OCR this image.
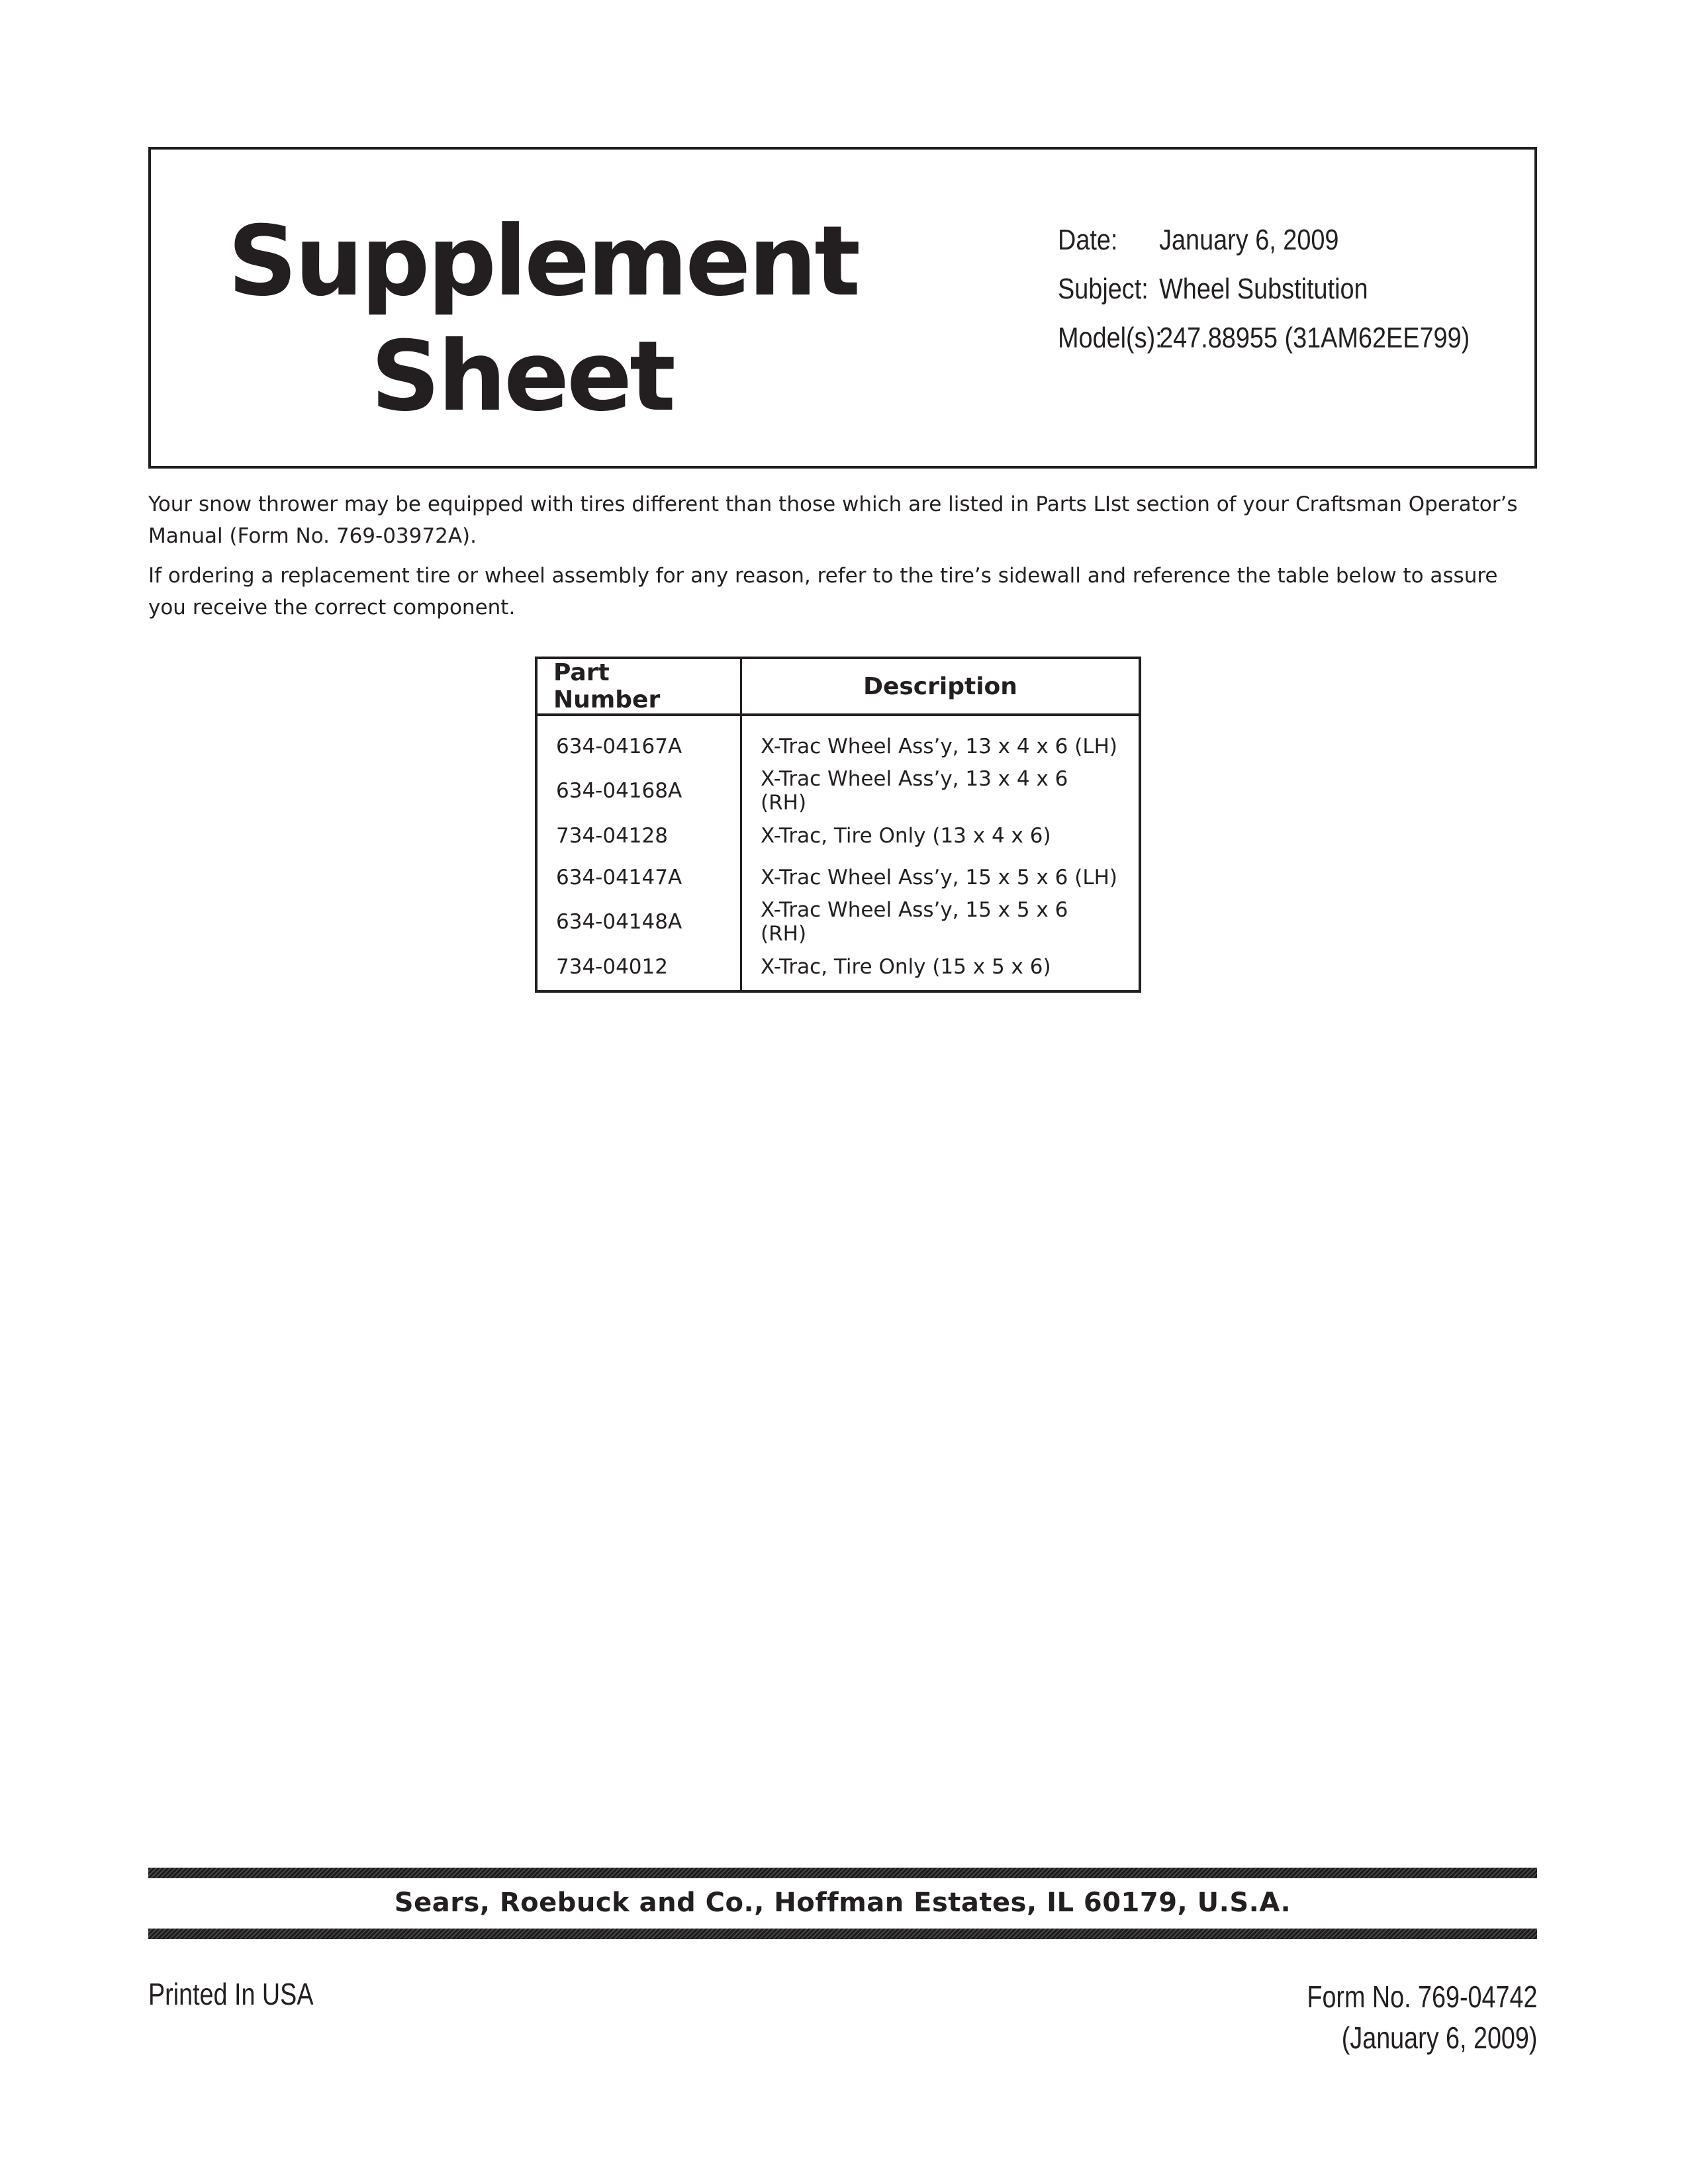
Supplement
Sheet
Date: January 6, 2009
Subject: Wheel Substitution
Model(s):247.88955 (31AM62EE799)

Your snow thrower may be equipped with tires different than those which are listed in Parts LIst section of your Craftsman Operator’s Manual (Form No. 769-03972A).

If ordering a replacement tire or wheel assembly for any reason, refer to the tire’s sidewall and reference the table below to assure you receive the correct component.

Part Number	Description
634-04167A	X-Trac Wheel Ass’y, 13 x 4 x 6 (LH)
634-04168A	X-Trac Wheel Ass’y, 13 x 4 x 6 (RH)
734-04128	X-Trac, Tire Only (13 x 4 x 6)
634-04147A	X-Trac Wheel Ass’y, 15 x 5 x 6 (LH)
634-04148A	X-Trac Wheel Ass’y, 15 x 5 x 6 (RH)
734-04012	X-Trac, Tire Only (15 x 5 x 6)
Sears, Roebuck and Co., Hoffman Estates, IL 60179, U.S.A.
Printed In USA	Form No. 769-04742
(January 6, 2009)
